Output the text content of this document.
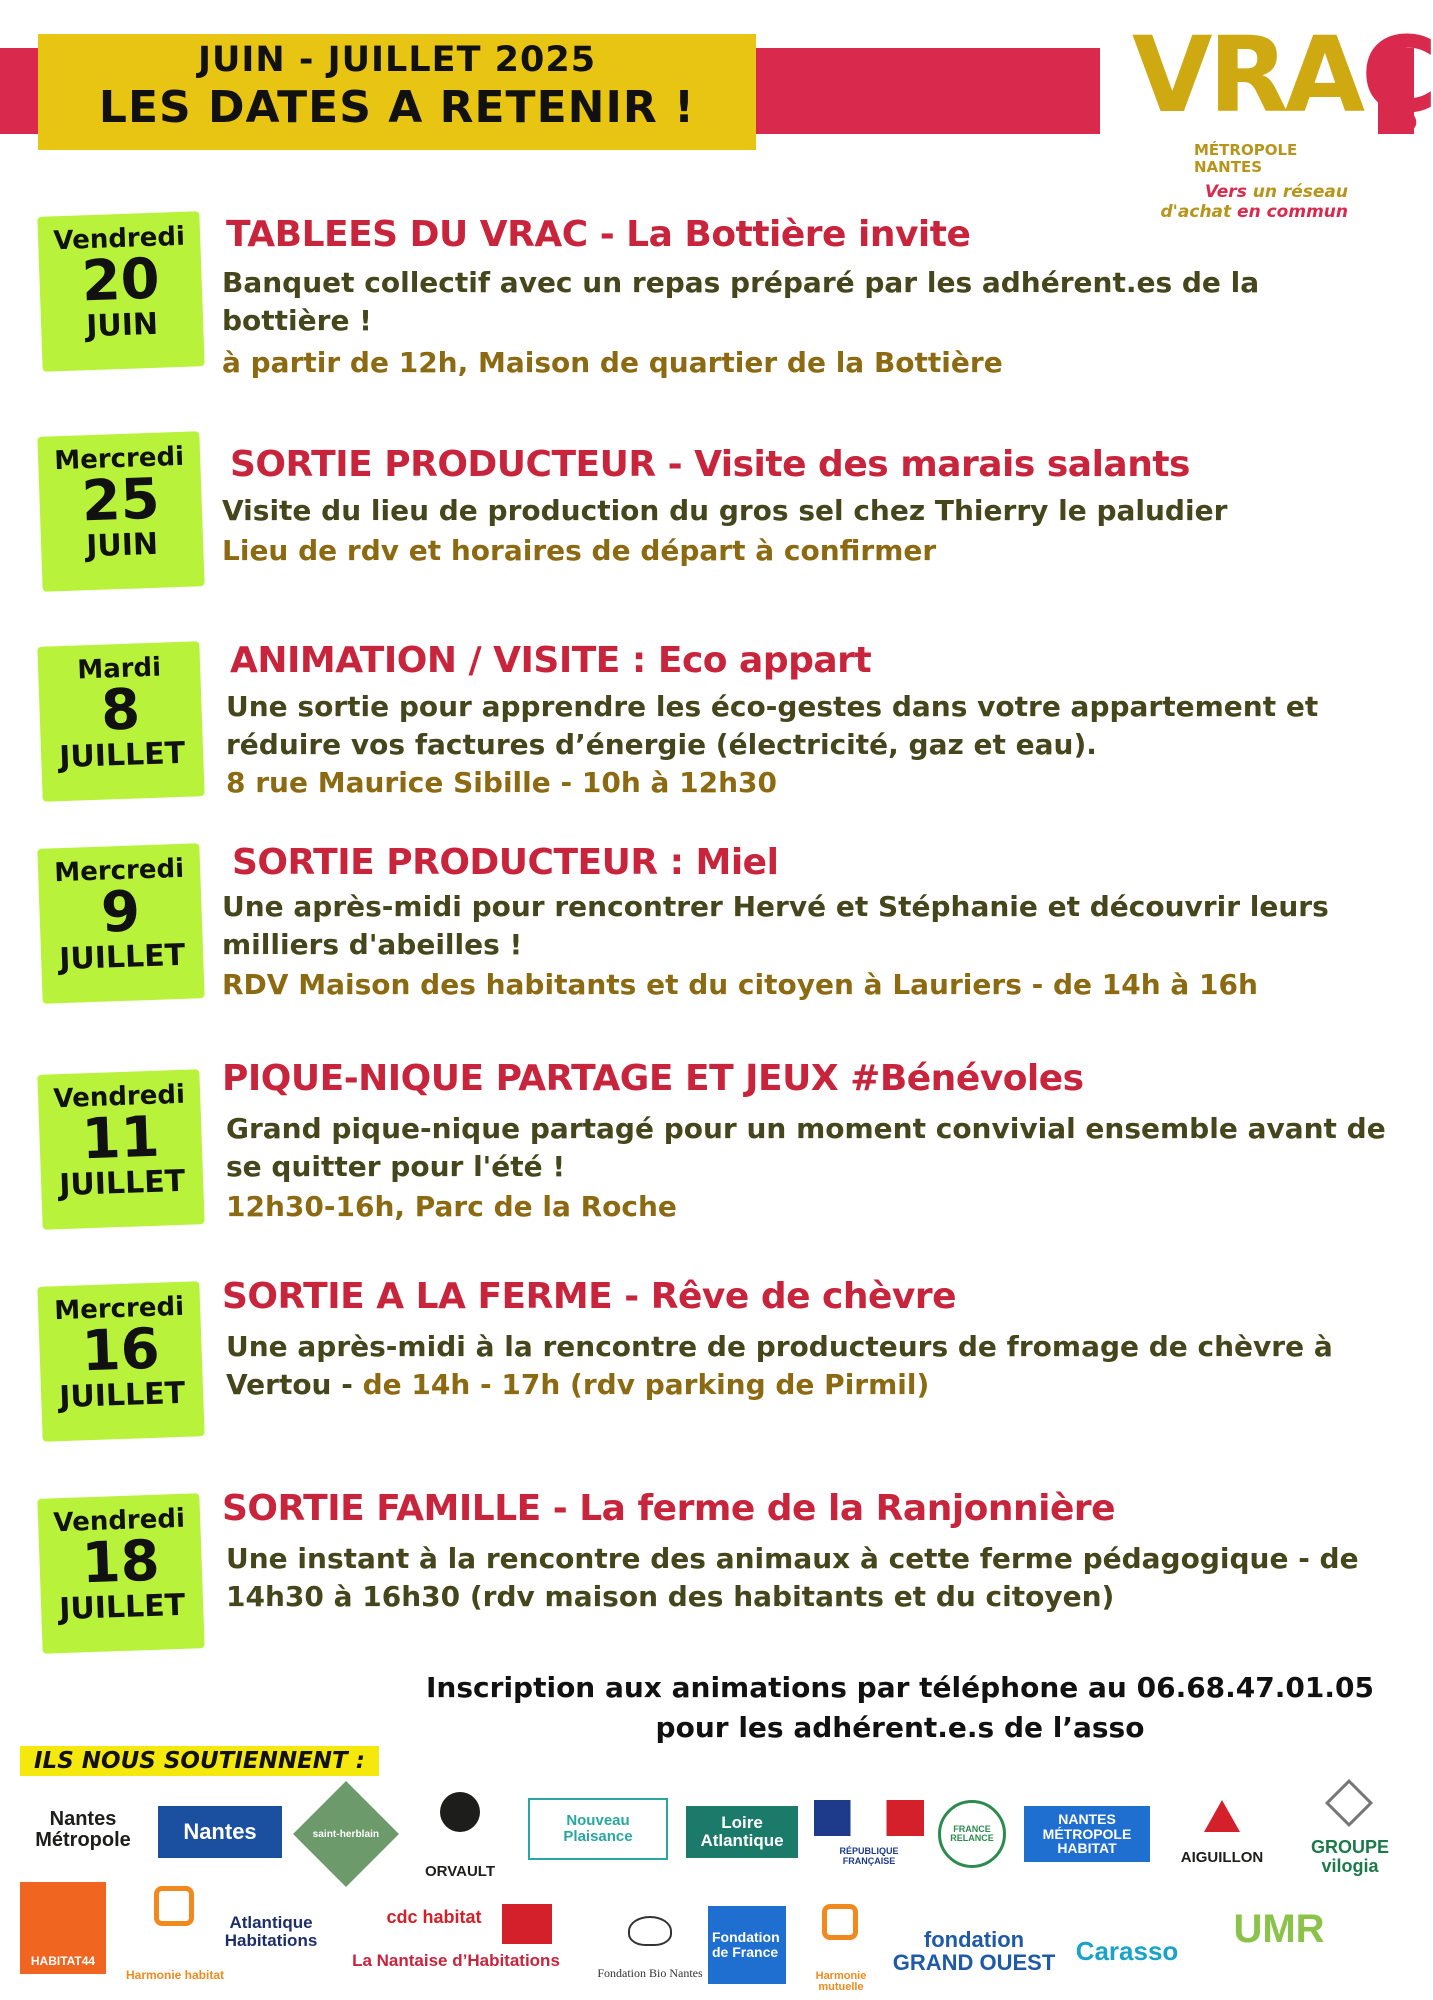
JUIN - JUILLET 2025
LES DATES A RETENIR !	VRAÇ
MÉTROPOLE
NANTES
Vers un réseau
d'achat en commun
Vendredi
20
JUIN
TABLEES DU VRAC - La Bottière invite
Banquet collectif avec un repas préparé par les adhérent.es de la bottière !
à partir de 12h, Maison de quartier de la Bottière
Mercredi
25
JUIN
SORTIE PRODUCTEUR - Visite des marais salants
Visite du lieu de production du gros sel chez Thierry le paludier
Lieu de rdv et horaires de départ à confirmer
Mardi
8
JUILLET
ANIMATION / VISITE : Eco appart
Une sortie pour apprendre les éco-gestes dans votre appartement et réduire vos factures d’énergie (électricité, gaz et eau).
8 rue Maurice Sibille - 10h à 12h30
Mercredi
9
JUILLET
SORTIE PRODUCTEUR : Miel
Une après-midi pour rencontrer Hervé et Stéphanie et découvrir leurs milliers d'abeilles !
RDV Maison des habitants et du citoyen à Lauriers - de 14h à 16h
Vendredi
11
JUILLET
PIQUE-NIQUE PARTAGE ET JEUX #Bénévoles
Grand pique-nique partagé pour un moment convivial ensemble avant de se quitter pour l'été !
12h30-16h, Parc de la Roche
Mercredi
16
JUILLET
SORTIE A LA FERME - Rêve de chèvre
Une après-midi à la rencontre de producteurs de fromage de chèvre à Vertou - de 14h - 17h (rdv parking de Pirmil)
Vendredi
18
JUILLET
SORTIE FAMILLE - La ferme de la Ranjonnière
Une instant à la rencontre des animaux à cette ferme pédagogique - de 14h30 à 16h30 (rdv maison des habitants et du citoyen)
Inscription aux animations par téléphone au 06.68.47.01.05
pour les adhérent.e.s de l’asso
ILS NOUS SOUTIENNENT :
Nantes Métropole	Nantes	saint-herblain
ORVAULT
Nouveau Plaisance
Loire Atlantique
RÉPUBLIQUE FRANÇAISE
FRANCE RELANCE
NANTES MÉTROPOLE HABITAT
AIGUILLON
GROUPE vilogia
HABITAT44
Harmonie habitat
Atlantique Habitations
cdc habitat
La Nantaise d’Habitations
Fondation Bio Nantes
Fondation de France
Harmonie mutuelle
fondation GRAND OUEST Carasso
UMR
